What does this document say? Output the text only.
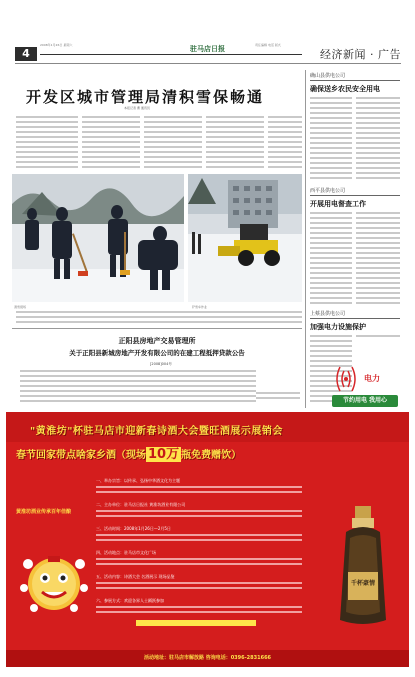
2008年1月26日 星期六	驻马店日报	责任编辑 电话 版式
4	经济新闻 · 广告
开发区城市管理局清积雪保畅通
本报记者 曹 通讯员
清雪现场	铲雪车作业
确山县供电公司
确保送乡农民安全用电
西平县供电公司
开展用电督查工作
上蔡县供电公司
加强电力设施保护
电力
节约用电 我用心
正阳县房地产交易管理所
关于正阳县新城房地产开发有限公司的在建工程抵押贷款公告
[2008]004号
"黄淮坊"杯驻马店市迎新春诗酒大会暨旺酒展示展销会
春节回家带点啥家乡酒（现场 10万 瓶免费赠饮）
黄淮坊酒业传承百年佳酿
一、举办宗旨：以传承、弘扬中华酒文化为主题
二、主办单位：驻马店日报社 黄淮坊酒业有限公司
三、活动时间：2008年1月26日—2月5日
四、活动地点：驻马店市文化广场
五、活动内容：诗酒大会 名酒展示 现场品鉴
六、参展方式：欢迎各界人士踊跃参加
千杯豪情
活动地址：驻马店市解放路 咨询电话：0396-2831666
